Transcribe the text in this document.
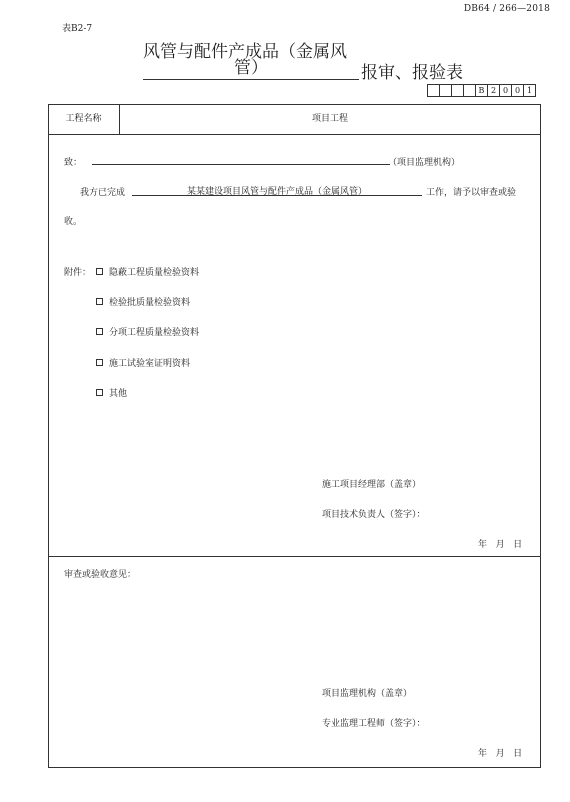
DB64 / 266—2018
表B2-7
风管与配件产成品（金属风
管）	报审、报验表
B 2 0 0 1
工程名称	项目工程
致：	（项目监理机构）
我方已完成	某某建设项目风管与配件产成品（金属风管）	工作，请予以审查或验
收。
附件： 隐蔽工程质量检验资料
检验批质量检验资料
分项工程质量检验资料
施工试验室证明资料
其他
施工项目经理部（盖章）
项目技术负责人（签字）：
年   月   日
审查或验收意见：
项目监理机构（盖章）
专业监理工程师（签字）：
年   月   日
